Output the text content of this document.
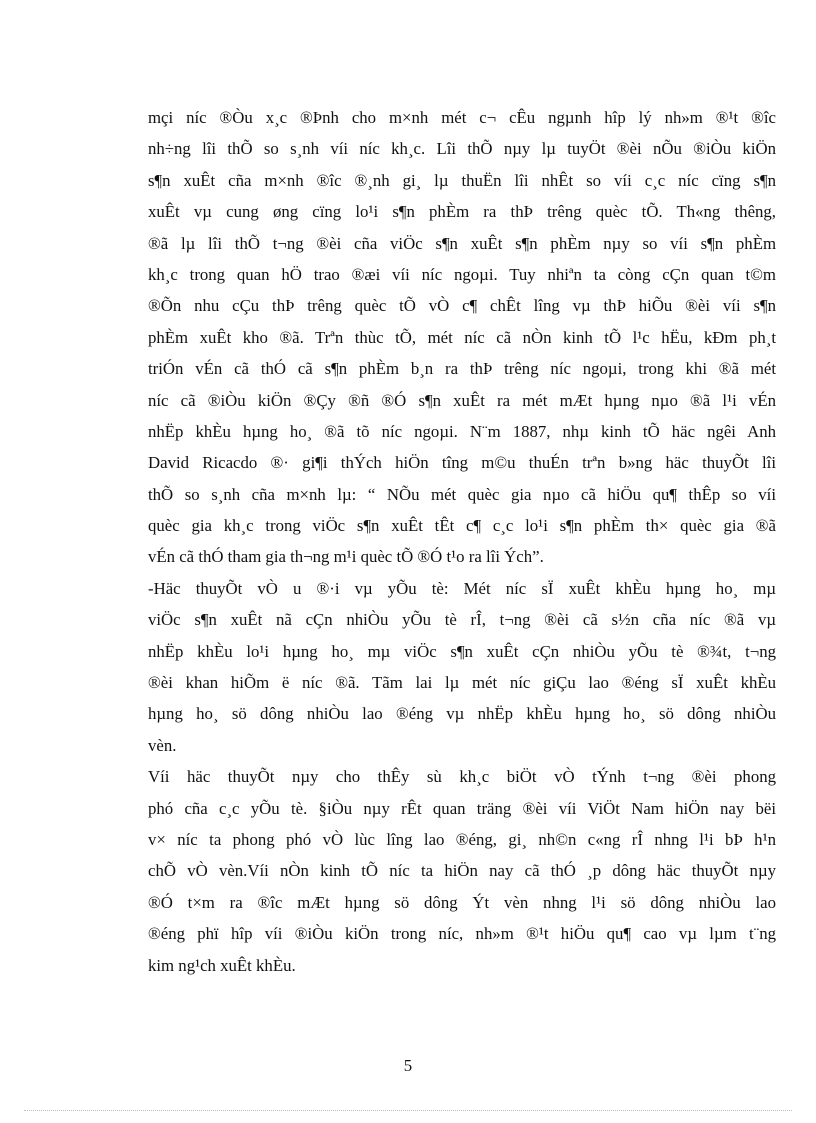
mçi níc ®Òu x¸c ®Þnh cho m×nh mét c¬ cÊu ngµnh hîp lý nh»m ®¹t ®îc
nh÷ng lîi thÕ so s¸nh víi níc kh¸c. Lîi thÕ nµy lµ tuyÖt ®èi nÕu ®iÒu kiÖn
s¶n xuÊt cña m×nh ®îc ®¸nh gi¸ lµ thuËn lîi nhÊt so víi c¸c níc cïng s¶n
xuÊt vµ cung øng cïng lo¹i s¶n phÈm ra thÞ trêng quèc tÕ. Th«ng thêng,
®ã lµ lîi thÕ t¬ng ®èi cña viÖc s¶n xuÊt s¶n phÈm nµy so víi s¶n phÈm
kh¸c trong quan hÖ trao ®æi víi níc ngoµi. Tuy nhiªn ta còng cÇn quan t©m
®Õn nhu cÇu thÞ trêng quèc tÕ vÒ c¶ chÊt lîng vµ thÞ hiÕu ®èi víi s¶n
phÈm xuÊt kho ®ã. Trªn thùc tÕ, mét níc cã nÒn kinh tÕ l¹c hËu, kÐm ph¸t
triÓn vÉn cã thÓ cã s¶n phÈm b¸n ra thÞ trêng níc ngoµi, trong khi ®ã mét
níc cã ®iÒu kiÖn ®Çy ®ñ ®Ó s¶n xuÊt ra mét mÆt hµng nµo ®ã l¹i vÉn
nhËp khÈu hµng ho¸ ®ã tõ níc ngoµi. N¨m 1887, nhµ kinh tÕ häc ngêi Anh
David Ricacdo ®· gi¶i thÝch hiÖn tîng m©u thuÉn trªn b»ng häc thuyÕt lîi
thÕ so s¸nh cña m×nh lµ: “ NÕu mét quèc gia nµo cã hiÖu qu¶ thÊp so víi
quèc gia kh¸c trong viÖc s¶n xuÊt tÊt c¶ c¸c lo¹i s¶n phÈm th× quèc gia ®ã
vÉn cã thÓ tham gia th¬ng m¹i quèc tÕ ®Ó t¹o ra lîi Ých”.
-Häc thuyÕt vÒ u ®·i vµ yÕu tè: Mét níc sÏ xuÊt khÈu hµng ho¸ mµ
viÖc s¶n xuÊt nã cÇn nhiÒu yÕu tè rÎ, t¬ng ®èi cã s½n cña níc ®ã vµ
nhËp khÈu lo¹i hµng ho¸ mµ viÖc s¶n xuÊt cÇn nhiÒu yÕu tè ®¾t, t¬ng
®èi khan hiÕm ë níc ®ã. Tãm lai lµ mét níc giÇu lao ®éng sÏ xuÊt khÈu
hµng ho¸ sö dông nhiÒu lao ®éng vµ nhËp khÈu hµng ho¸ sö dông nhiÒu
vèn.
Víi häc thuyÕt nµy cho thÊy sù kh¸c biÖt vÒ tÝnh t¬ng ®èi phong
phó cña c¸c yÕu tè. §iÒu nµy rÊt quan träng ®èi víi ViÖt Nam hiÖn nay bëi
v× níc ta phong phó vÒ lùc lîng lao ®éng, gi¸ nh©n c«ng rÎ nhng l¹i bÞ h¹n
chÕ vÒ vèn.Víi nÒn kinh tÕ níc ta hiÖn nay cã thÓ ¸p dông häc thuyÕt nµy
®Ó t×m ra ®îc mÆt hµng sö dông Ýt vèn nhng l¹i sö dông nhiÒu lao
®éng phï hîp víi ®iÒu kiÖn trong níc, nh»m ®¹t hiÖu qu¶ cao vµ lµm t¨ng
kim ng¹ch xuÊt khÈu.
5
